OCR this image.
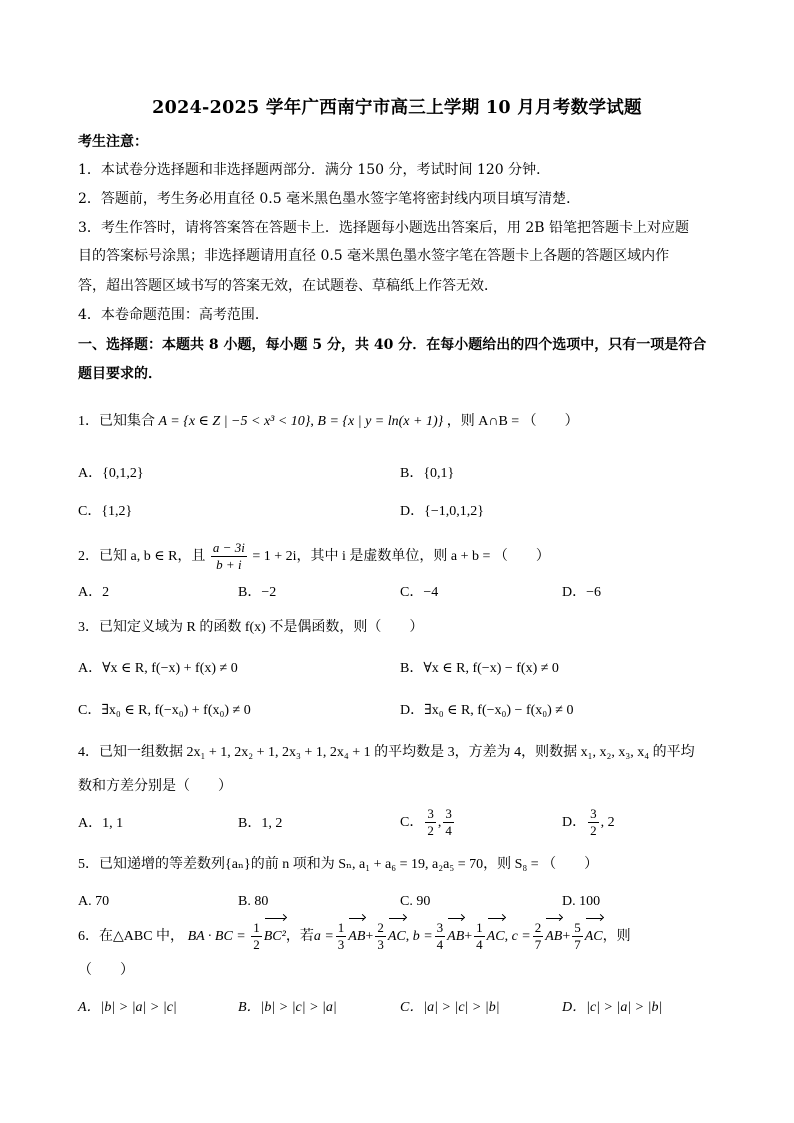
2024-2025 学年广西南宁市高三上学期 10 月月考数学试题
考生注意：
1．本试卷分选择题和非选择题两部分．满分 150 分，考试时间 120 分钟．
2．答题前，考生务必用直径 0.5 毫米黑色墨水签字笔将密封线内项目填写清楚．
3．考生作答时，请将答案答在答题卡上．选择题每小题选出答案后，用 2B 铅笔把答题卡上对应题
目的答案标号涂黑；非选择题请用直径 0.5 毫米黑色墨水签字笔在答题卡上各题的答题区域内作
答，超出答题区域书写的答案无效，在试题卷、草稿纸上作答无效．
4．本卷命题范围：高考范围．
一、选择题：本题共 8 小题，每小题 5 分，共 40 分．在每小题给出的四个选项中，只有一项是符合
题目要求的．
1．已知集合 A = {x ∈ Z | −5 < x³ < 10}, B = {x | y = ln(x + 1)} ，则 A∩B = （　　）
A．{0,1,2}	B．{0,1}
C．{1,2}	D．{−1,0,1,2}
2．已知 a, b ∈ R，且 $\frac{a - 3i}{b + i} = 1 + 2i$，其中 i 是虚数单位，则 a + b = （　　）
A．2	B．−2	C．−4	D．−6
3．已知定义域为 R 的函数 f(x) 不是偶函数，则（　　）
A．∀x ∈ R, f(−x) + f(x) ≠ 0	B．∀x ∈ R, f(−x) − f(x) ≠ 0
C．∃x₀ ∈ R, f(−x₀) + f(x₀) ≠ 0	D．∃x₀ ∈ R, f(−x₀) − f(x₀) ≠ 0
4．已知一组数据 2x₁ + 1, 2x₂ + 1, 2x₃ + 1, 2x₄ + 1 的平均数是 3，方差为 4，则数据 x₁, x₂, x₃, x₄ 的平均
数和方差分别是（　　）
A．1, 1	B．1, 2	C． $\frac{3}{2}$ , $\frac{3}{4}$	D． $\frac{3}{2}$ , 2
5．已知递增的等差数列{aₙ}的前 n 项和为 Sₙ, a₁ + a₆ = 19, a₂a₅ = 70，则 S₈ = （　　）
A. 70	B. 80	C. 90	D. 100
6．在△ABC 中， BA · BC = $\frac{1}{2} BC^2$，若$a = \frac{1}{3} AB+ \frac{2}{3}$ AC, $b = \frac{3}{4} AB+ \frac{1}{4}$ AC, $c = \frac{2}{7} AB+ \frac{5}{7}$ AC，则
（　　）
A．|b| > |a| > |c|	B．|b| > |c| > |a|	C．|a| > |c| > |b|	D．|c| > |a| > |b|
